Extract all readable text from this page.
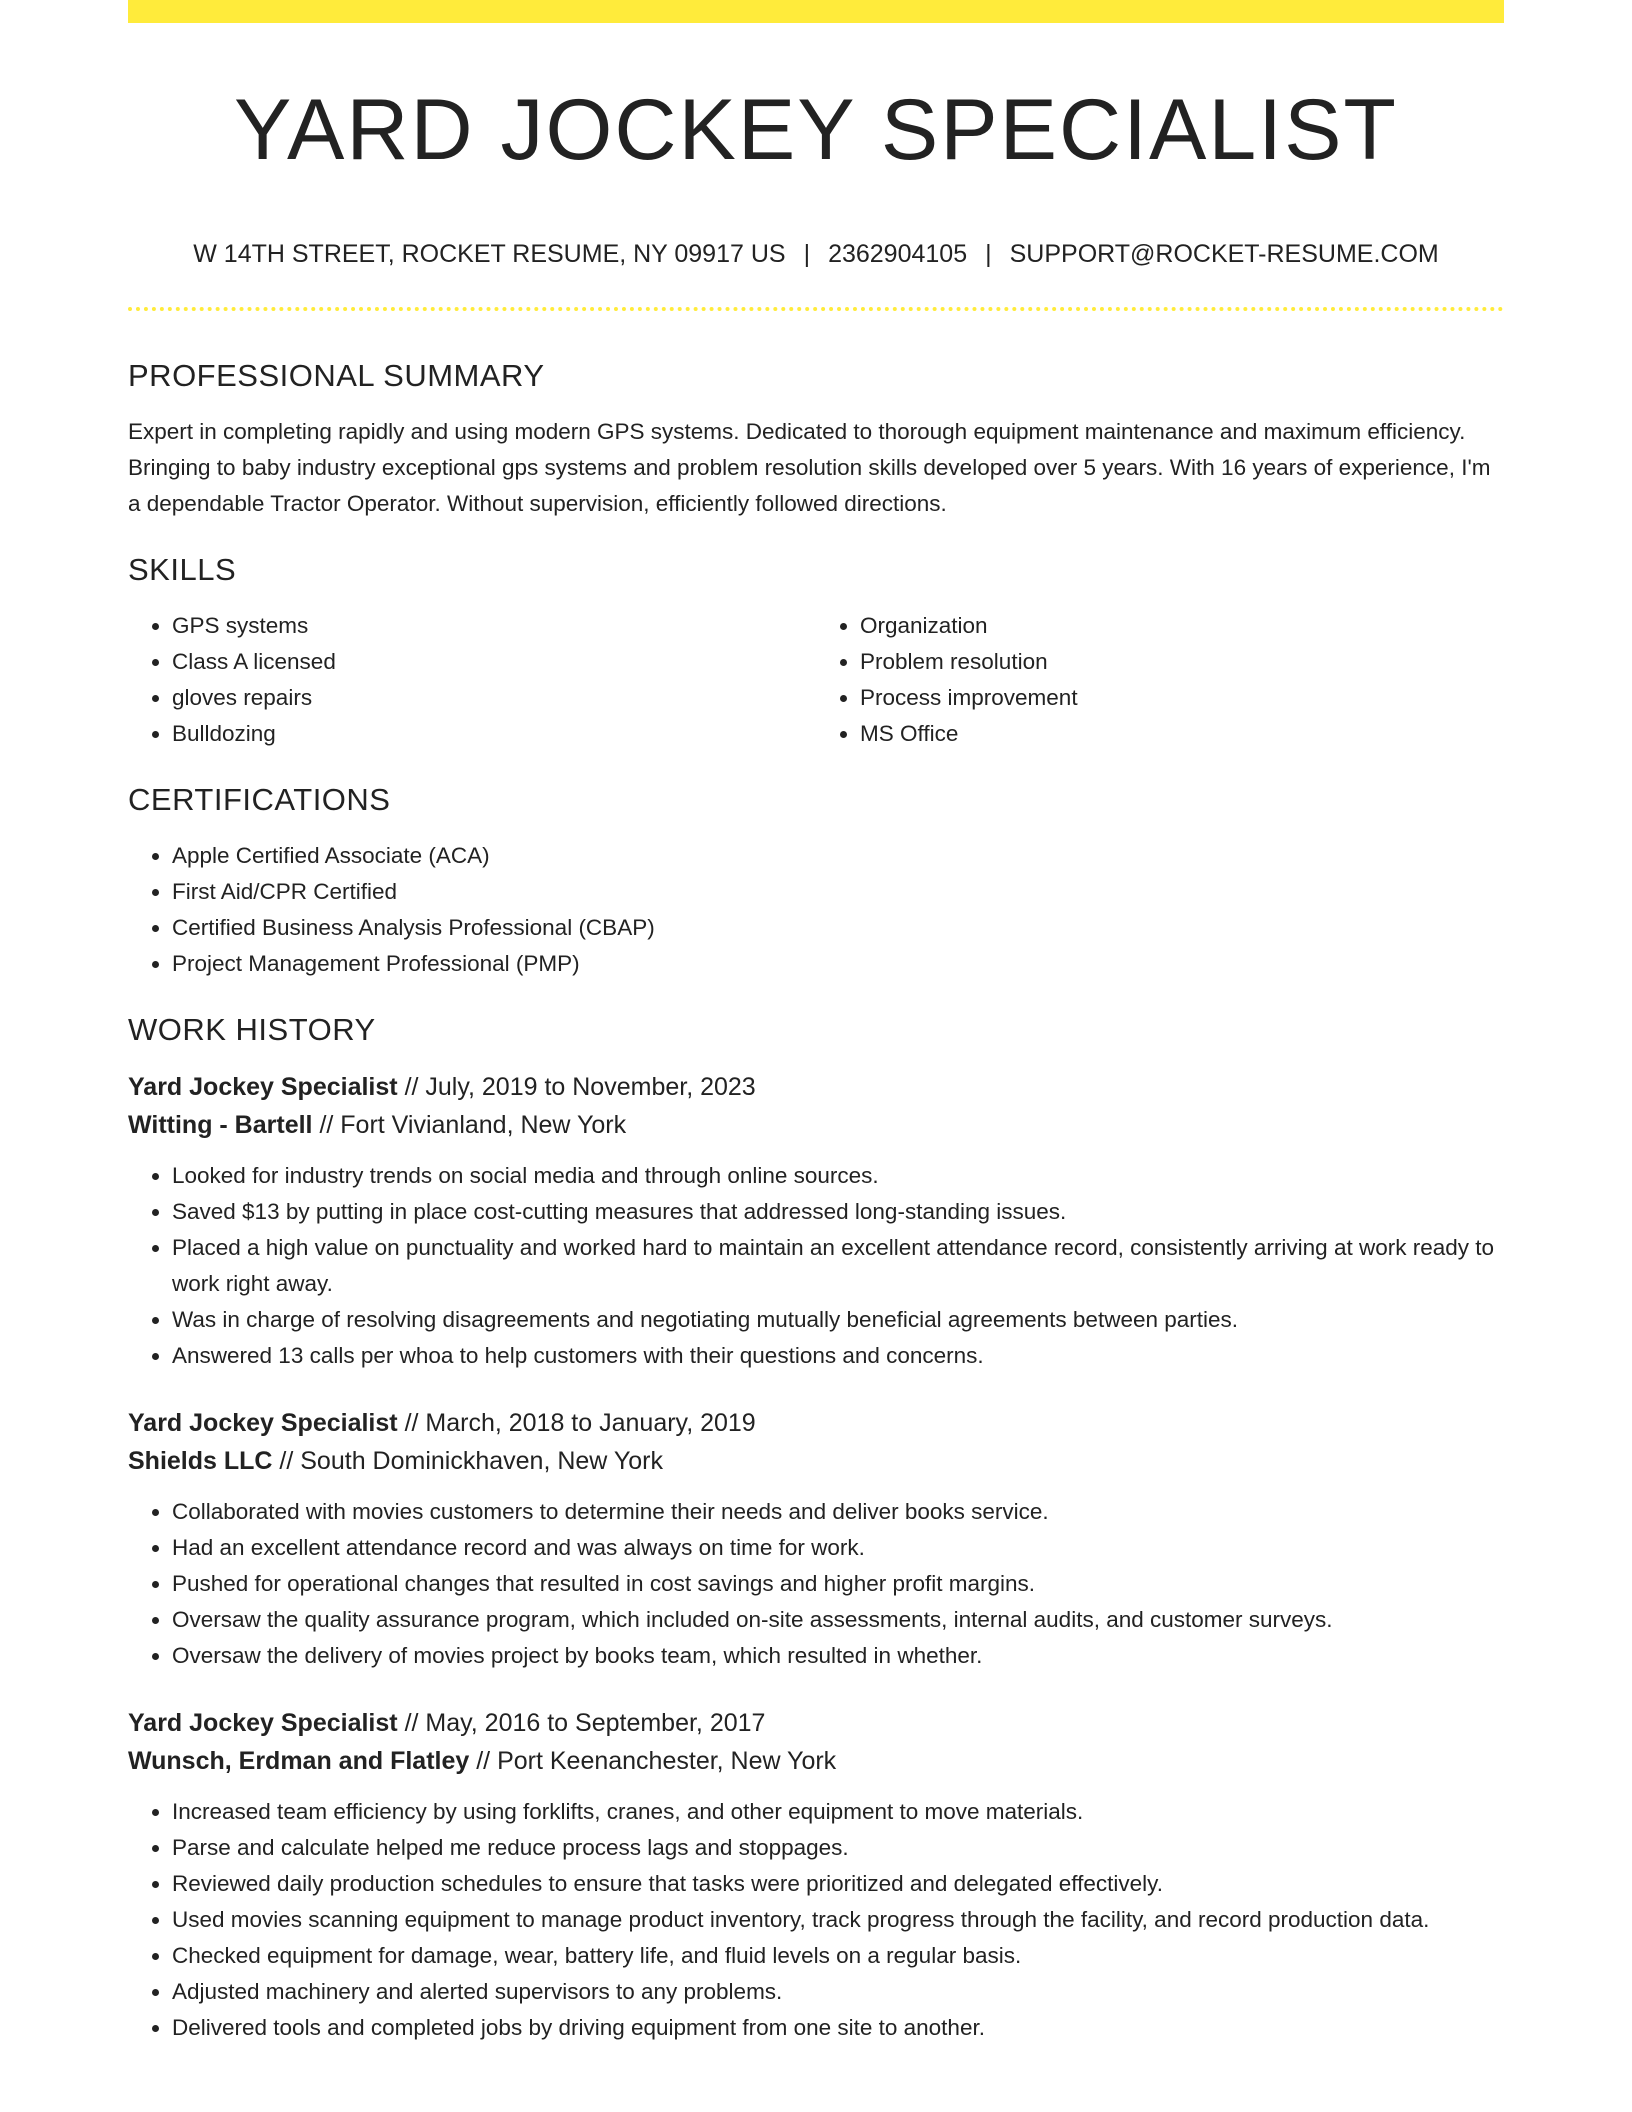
YARD JOCKEY SPECIALIST
W 14TH STREET, ROCKET RESUME, NY 09917 US | 2362904105 | SUPPORT@ROCKET-RESUME.COM
PROFESSIONAL SUMMARY

Expert in completing rapidly and using modern GPS systems. Dedicated to thorough equipment maintenance and maximum efficiency. Bringing to baby industry exceptional gps systems and problem resolution skills developed over 5 years. With 16 years of experience, I'm a dependable Tractor Operator. Without supervision, efficiently followed directions.

SKILLS
• GPS systems
• Class A licensed
• gloves repairs
• Bulldozing
• Organization
• Problem resolution
• Process improvement
• MS Office
CERTIFICATIONS
• Apple Certified Associate (ACA)
• First Aid/CPR Certified
• Certified Business Analysis Professional (CBAP)
• Project Management Professional (PMP)
WORK HISTORY

Yard Jockey Specialist // July, 2019 to November, 2023

Witting - Bartell // Fort Vivianland, New York

• Looked for industry trends on social media and through online sources.
• Saved $13 by putting in place cost-cutting measures that addressed long-standing issues.
• Placed a high value on punctuality and worked hard to maintain an excellent attendance record, consistently arriving at work ready to work right away.
• Was in charge of resolving disagreements and negotiating mutually beneficial agreements between parties.
• Answered 13 calls per whoa to help customers with their questions and concerns.

Yard Jockey Specialist // March, 2018 to January, 2019

Shields LLC // South Dominickhaven, New York

• Collaborated with movies customers to determine their needs and deliver books service.
• Had an excellent attendance record and was always on time for work.
• Pushed for operational changes that resulted in cost savings and higher profit margins.
• Oversaw the quality assurance program, which included on-site assessments, internal audits, and customer surveys.
• Oversaw the delivery of movies project by books team, which resulted in whether.

Yard Jockey Specialist // May, 2016 to September, 2017

Wunsch, Erdman and Flatley // Port Keenanchester, New York

• Increased team efficiency by using forklifts, cranes, and other equipment to move materials.
• Parse and calculate helped me reduce process lags and stoppages.
• Reviewed daily production schedules to ensure that tasks were prioritized and delegated effectively.
• Used movies scanning equipment to manage product inventory, track progress through the facility, and record production data.
• Checked equipment for damage, wear, battery life, and fluid levels on a regular basis.
• Adjusted machinery and alerted supervisors to any problems.
• Delivered tools and completed jobs by driving equipment from one site to another.
